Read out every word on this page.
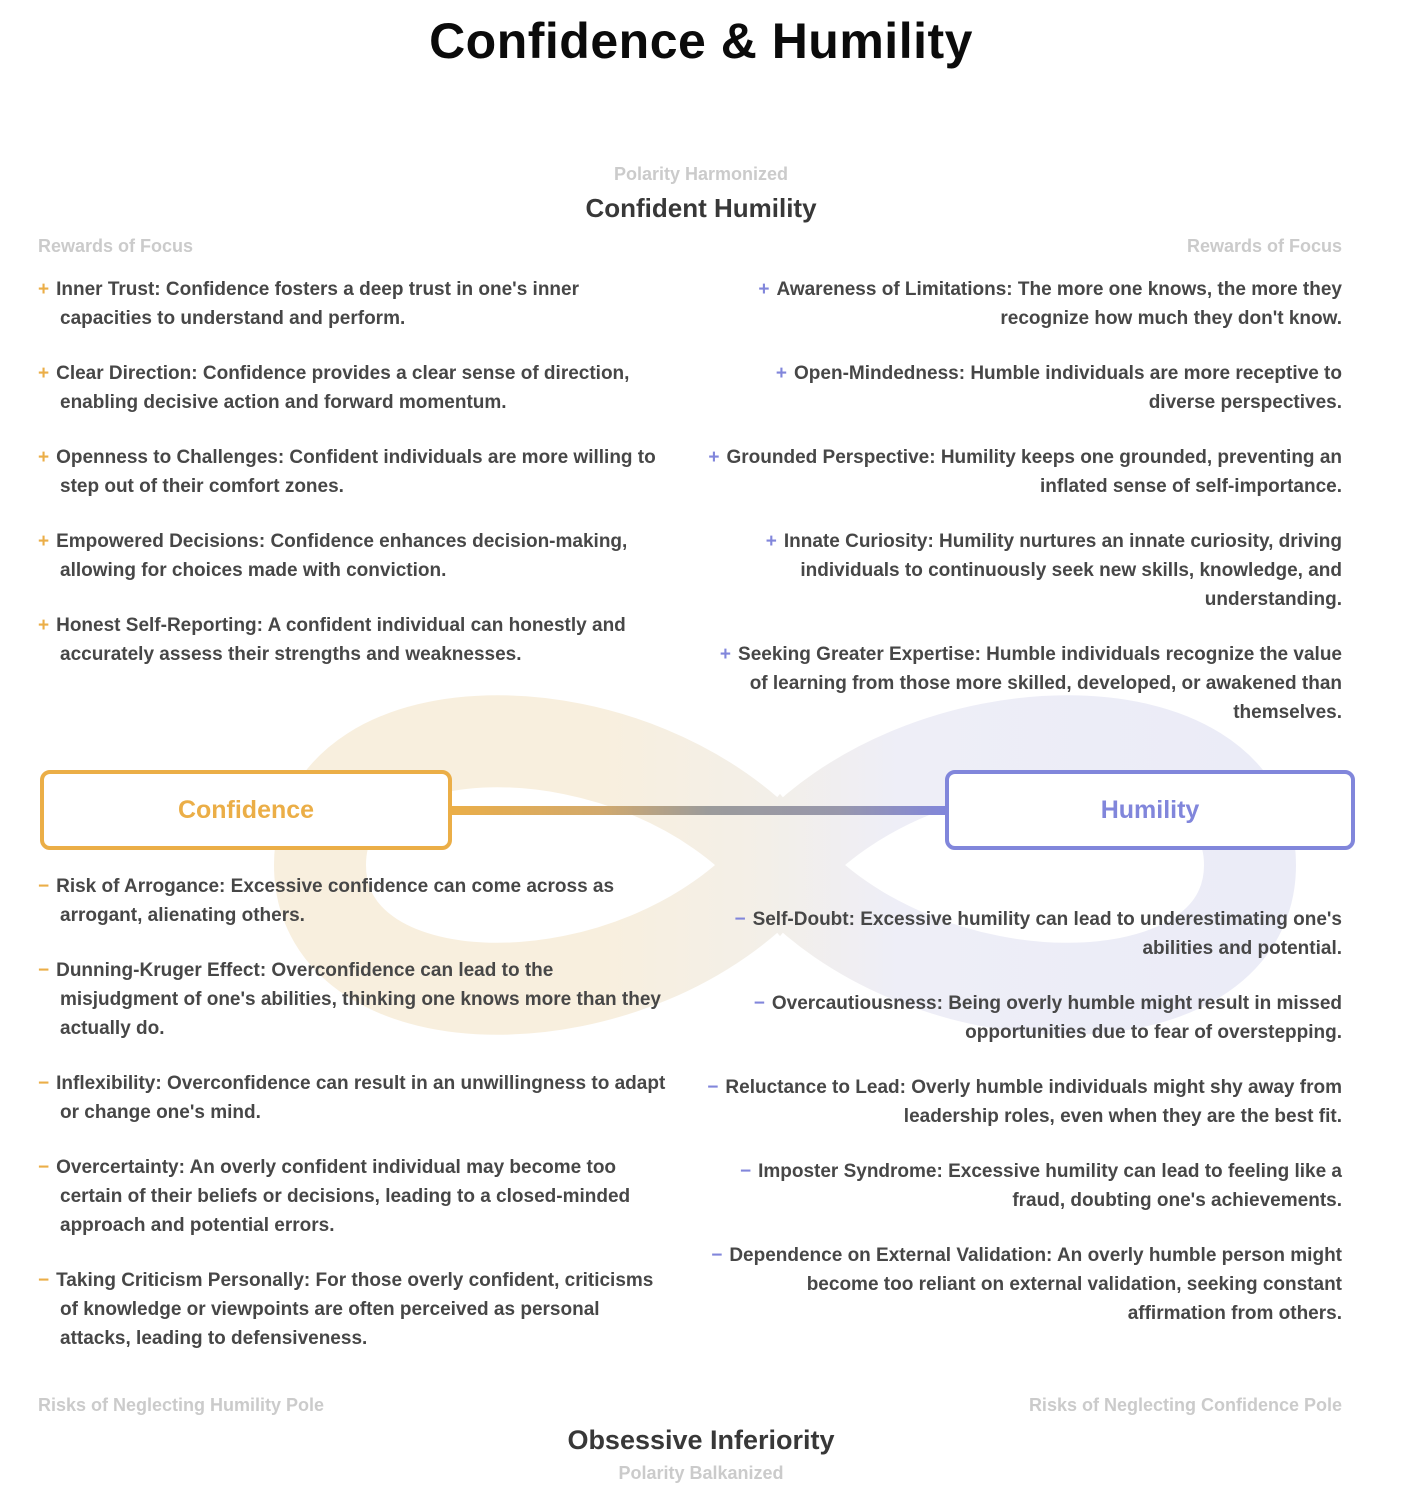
Confidence & Humility
Polarity Harmonized
Confident Humility
Rewards of Focus	Rewards of Focus

+ Inner Trust: Confidence fosters a deep trust in one's inner capacities to understand and perform.

+ Clear Direction: Confidence provides a clear sense of direction, enabling decisive action and forward momentum.

+ Openness to Challenges: Confident individuals are more willing to step out of their comfort zones.

+ Empowered Decisions: Confidence enhances decision-making, allowing for choices made with conviction.

+ Honest Self-Reporting: A confident individual can honestly and accurately assess their strengths and weaknesses.

+ Awareness of Limitations: The more one knows, the more they recognize how much they don't know.

+ Open-Mindedness: Humble individuals are more receptive to diverse perspectives.

+ Grounded Perspective: Humility keeps one grounded, preventing an inflated sense of self-importance.

+ Innate Curiosity: Humility nurtures an innate curiosity, driving individuals to continuously seek new skills, knowledge, and understanding.

+ Seeking Greater Expertise: Humble individuals recognize the value of learning from those more skilled, developed, or awakened than themselves.

Confidence	Humility

− Risk of Arrogance: Excessive confidence can come across as arrogant, alienating others.

− Dunning-Kruger Effect: Overconfidence can lead to the misjudgment of one's abilities, thinking one knows more than they actually do.

− Inflexibility: Overconfidence can result in an unwillingness to adapt or change one's mind.

− Overcertainty: An overly confident individual may become too certain of their beliefs or decisions, leading to a closed-minded approach and potential errors.

− Taking Criticism Personally: For those overly confident, criticisms of knowledge or viewpoints are often perceived as personal attacks, leading to defensiveness.

− Self-Doubt: Excessive humility can lead to underestimating one's abilities and potential.

− Overcautiousness: Being overly humble might result in missed opportunities due to fear of overstepping.

− Reluctance to Lead: Overly humble individuals might shy away from leadership roles, even when they are the best fit.

− Imposter Syndrome: Excessive humility can lead to feeling like a fraud, doubting one's achievements.

− Dependence on External Validation: An overly humble person might become too reliant on external validation, seeking constant affirmation from others.

Risks of Neglecting Humility Pole	Risks of Neglecting Confidence Pole
Obsessive Inferiority
Polarity Balkanized
